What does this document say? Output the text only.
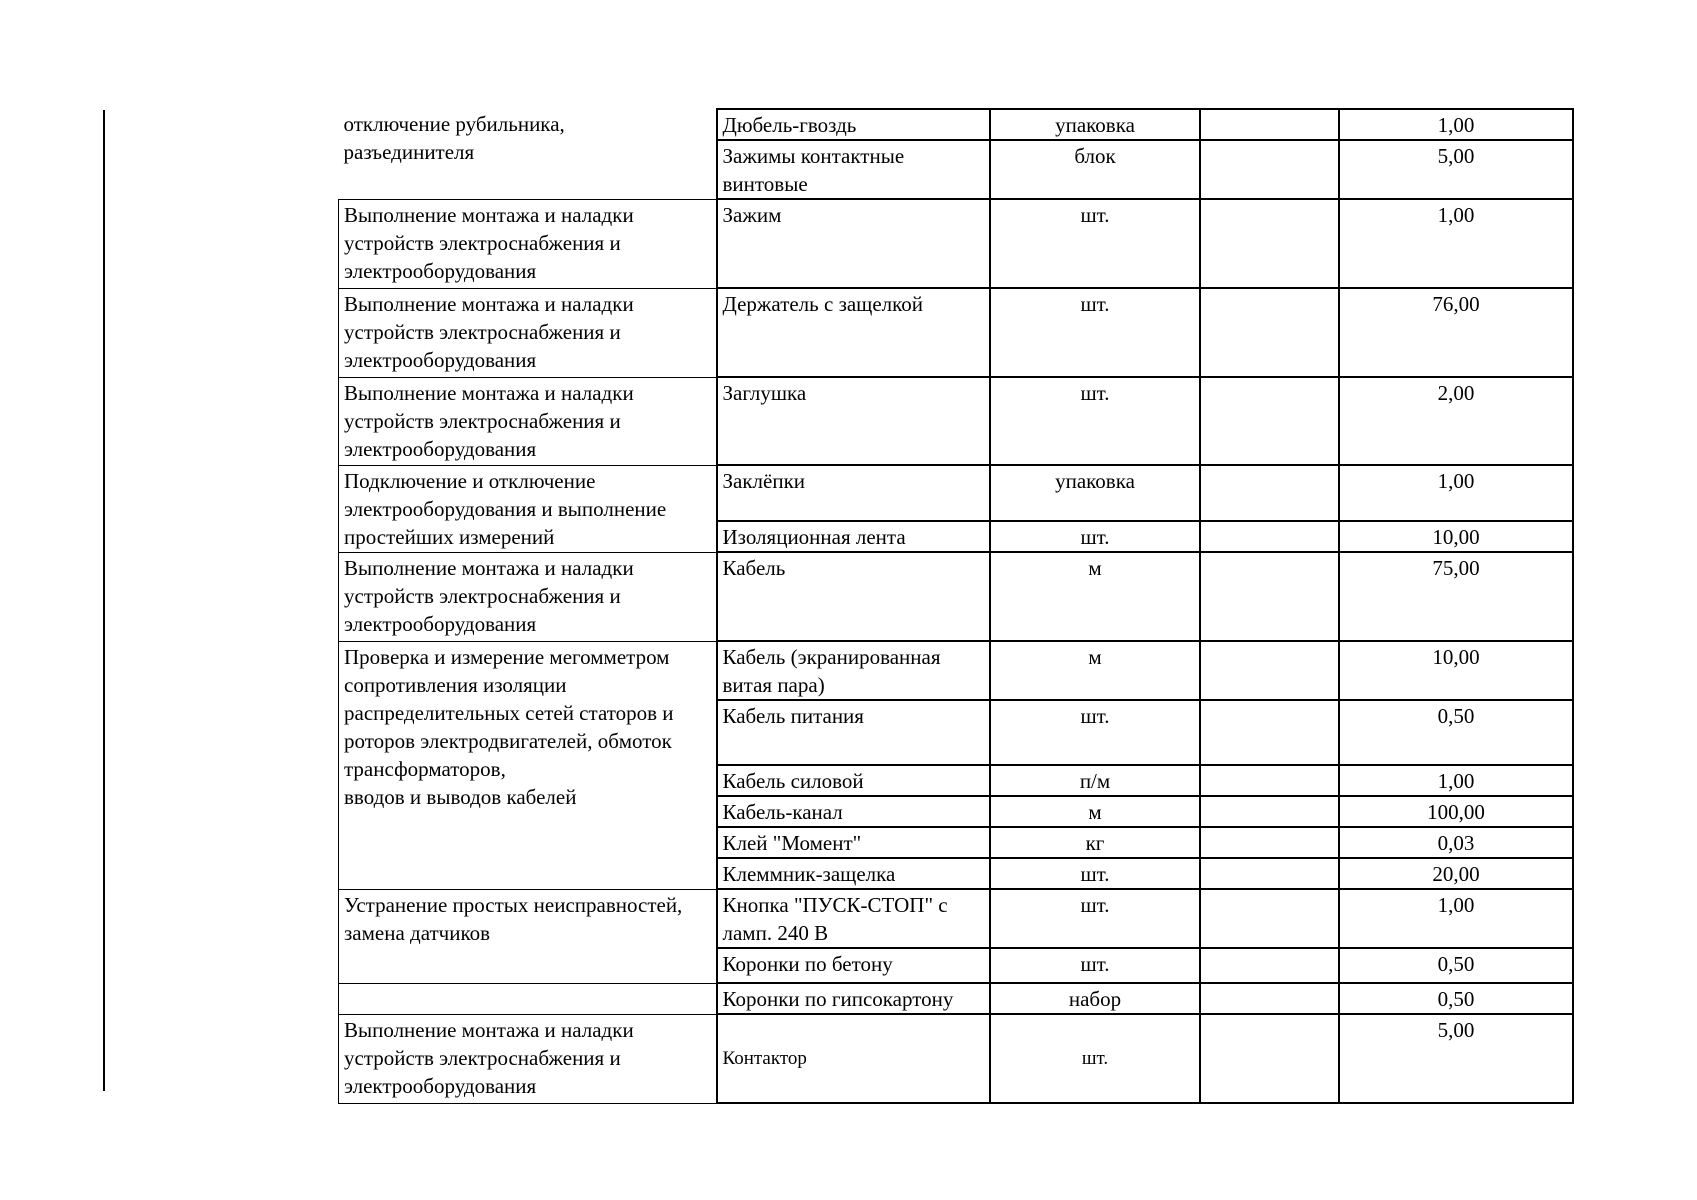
отключение рубильника,
разъединителя	Дюбель-гвоздь	упаковка		1,00
	Зажимы контактные винтовые	блок		5,00
Выполнение монтажа и наладки устройств электроснабжения и электрооборудования	Зажим	шт.		1,00
Выполнение монтажа и наладки устройств электроснабжения и электрооборудования	Держатель с защелкой	шт.		76,00
Выполнение монтажа и наладки устройств электроснабжения и электрооборудования	Заглушка	шт.		2,00
Подключение и отключение электрооборудования и выполнение простейших измерений	Заклёпки	упаковка		1,00
	Изоляционная лента	шт.		10,00
Выполнение монтажа и наладки устройств электроснабжения и электрооборудования	Кабель	м		75,00
Проверка и измерение мегомметром сопротивления изоляции распределительных сетей статоров и роторов электродвигателей, обмоток трансформаторов,
вводов и выводов кабелей	Кабель (экранированная витая пара)	м		10,00
	Кабель питания	шт.		0,50
	Кабель силовой	п/м		1,00
	Кабель-канал	м		100,00
	Клей "Момент"	кг		0,03
	Клеммник-защелка	шт.		20,00
Устранение простых неисправностей, замена датчиков	Кнопка "ПУСК-СТОП" с ламп. 240 В	шт.		1,00
	Коронки по бетону	шт.		0,50
	Коронки по гипсокартону	набор		0,50
Выполнение монтажа и наладки устройств электроснабжения и электрооборудования	Контактор	шт.		5,00
